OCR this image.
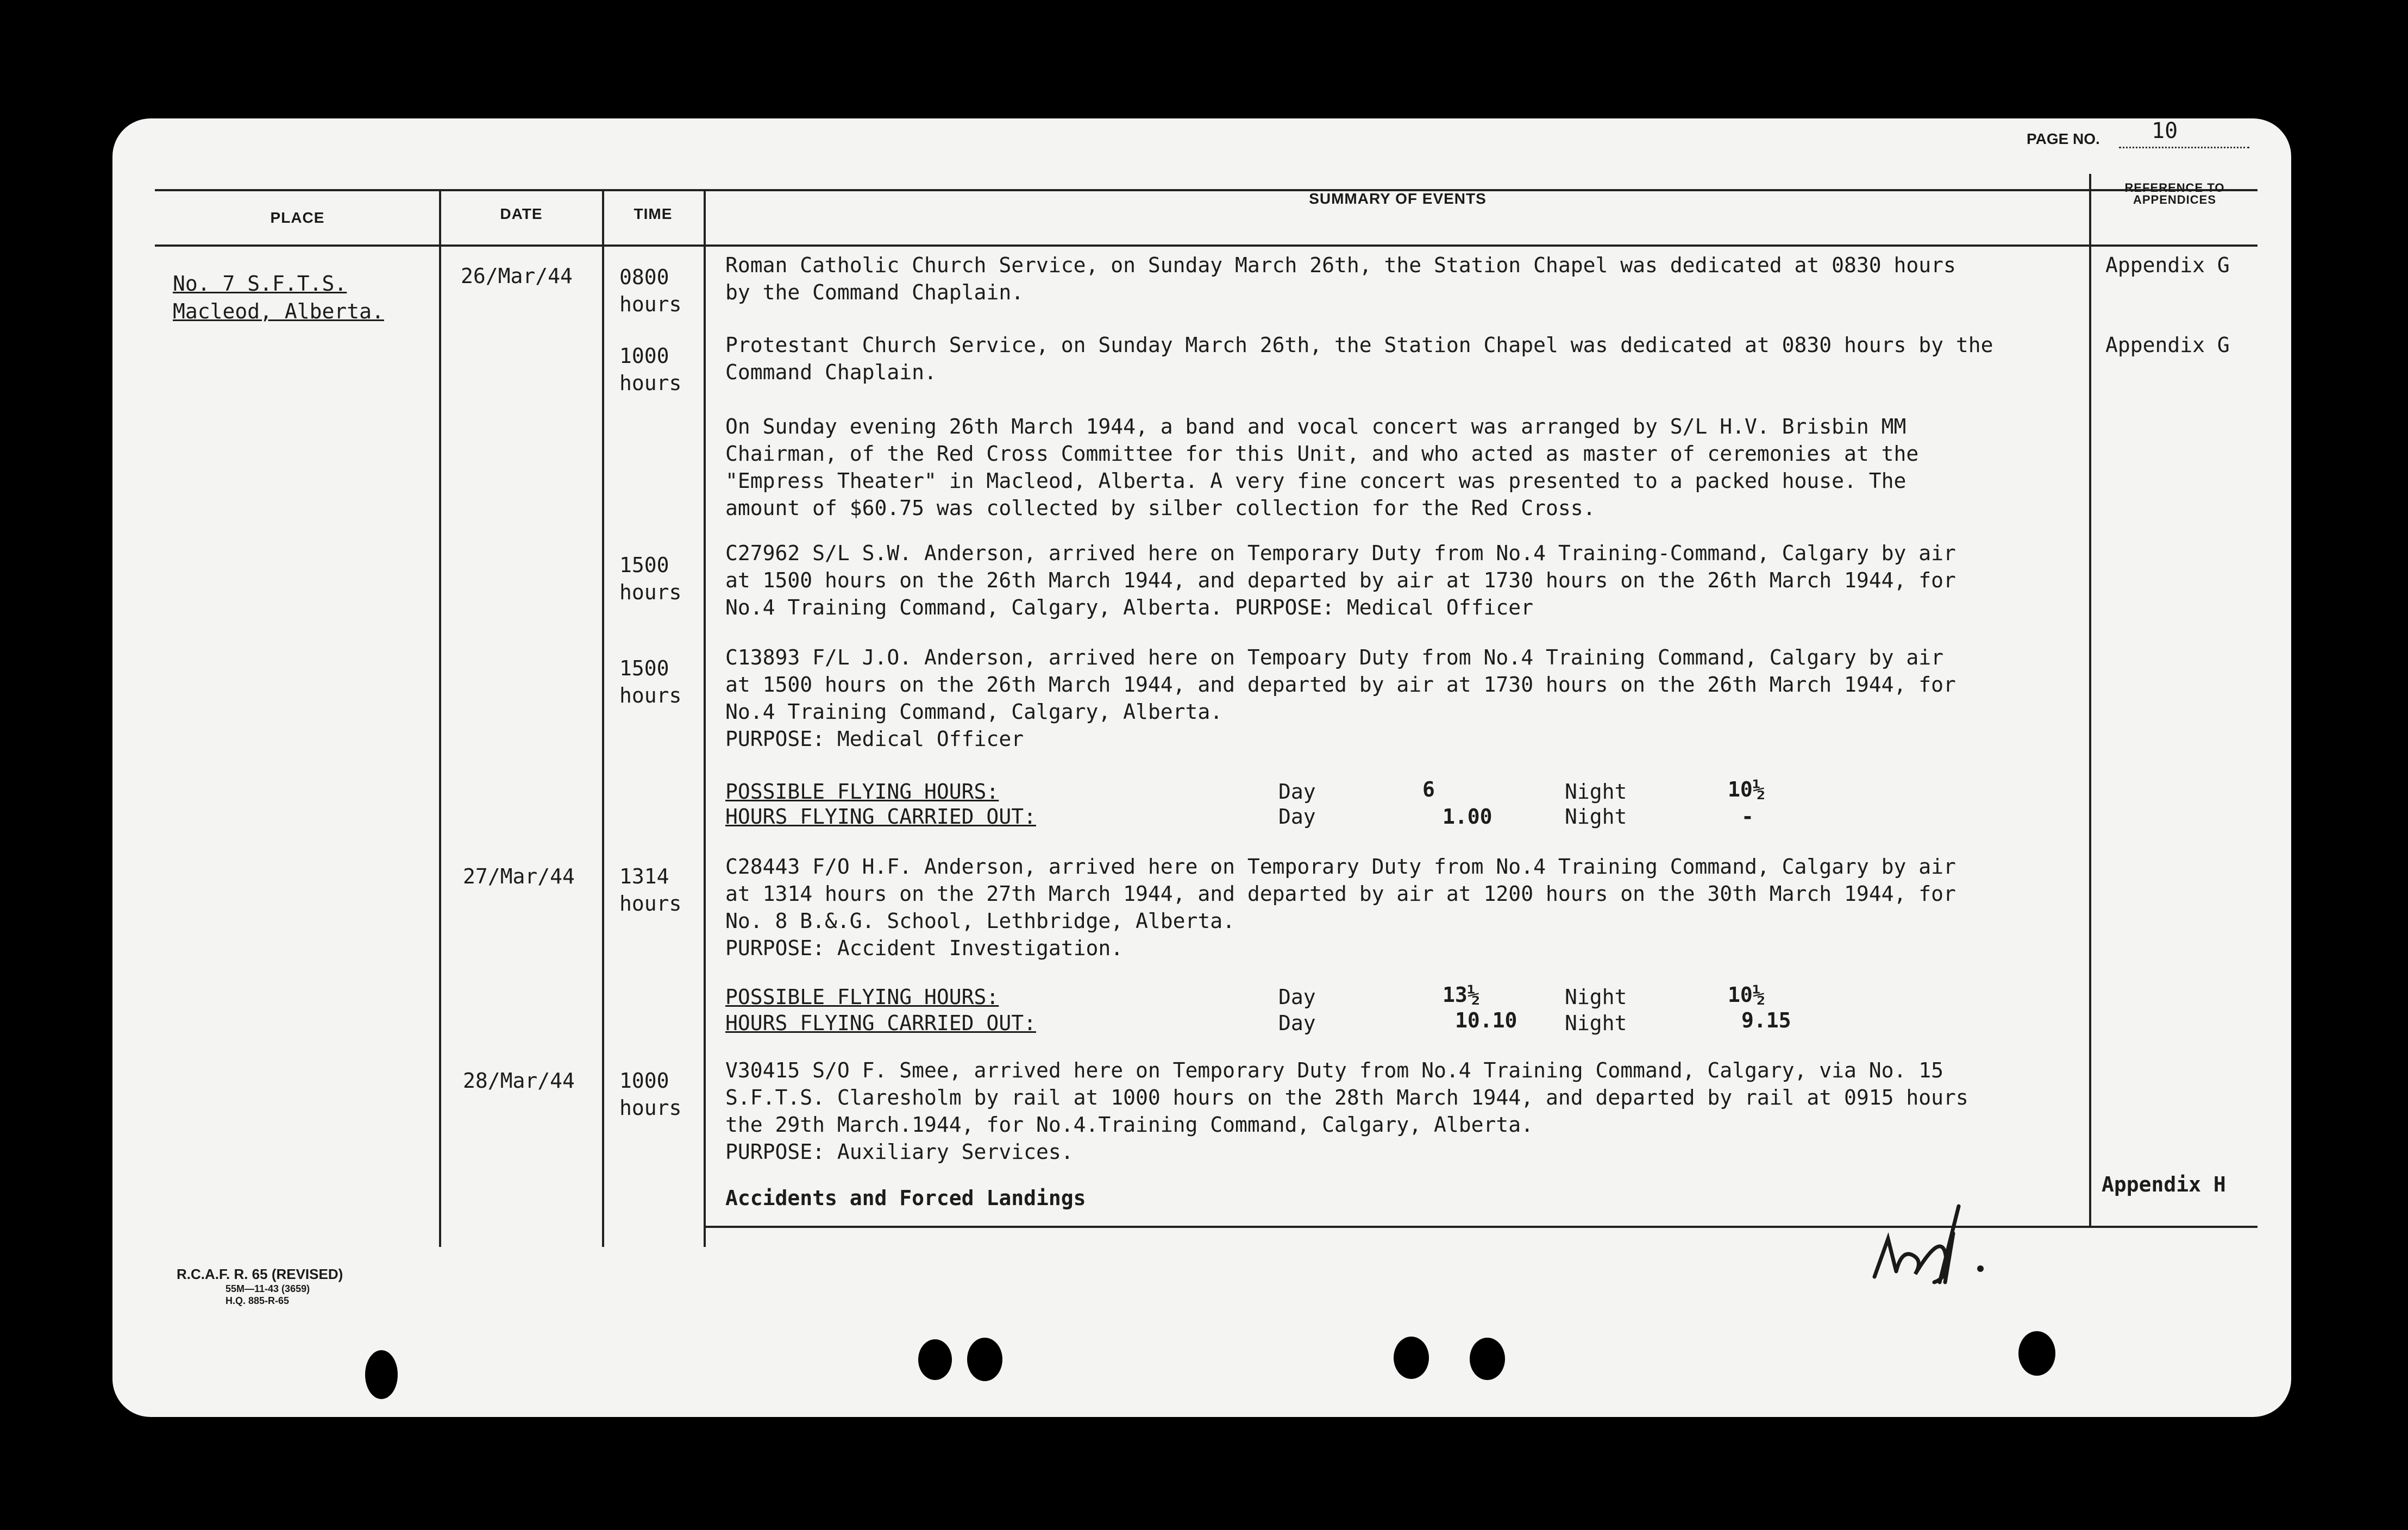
PAGE NO. 10
PLACE	DATE	TIME
SUMMARY OF EVENTS
REFERENCE TO
APPENDICES
No. 7 S.F.T.S.
Macleod, Alberta.
26/Mar/44
27/Mar/44
28/Mar/44
0800
hours
1000
hours
1500
hours
1500
hours
1314
hours
1000
hours
Roman Catholic Church Service, on Sunday March 26th, the Station Chapel was dedicated at 0830 hours
by the Command Chaplain.
Protestant Church Service, on Sunday March 26th, the Station Chapel was dedicated at 0830 hours by the
Command Chaplain.
On Sunday evening 26th March 1944, a band and vocal concert was arranged by S/L H.V. Brisbin MM
Chairman, of the Red Cross Committee for this Unit, and who acted as master of ceremonies at the
"Empress Theater" in Macleod, Alberta. A very fine concert was presented to a packed house. The
amount of $60.75 was collected by silber collection for the Red Cross.
C27962 S/L S.W. Anderson, arrived here on Temporary Duty from No.4 Training-Command, Calgary by air
at 1500 hours on the 26th March 1944, and departed by air at 1730 hours on the 26th March 1944, for
No.4 Training Command, Calgary, Alberta. PURPOSE: Medical Officer
C13893 F/L J.O. Anderson, arrived here on Tempoary Duty from No.4 Training Command, Calgary by air
at 1500 hours on the 26th March 1944, and departed by air at 1730 hours on the 26th March 1944, for
No.4 Training Command, Calgary, Alberta.
PURPOSE: Medical Officer
POSSIBLE FLYING HOURS:
HOURS FLYING CARRIED OUT:
Day
Day
6
1.00
Night
Night
10½
-
C28443 F/O H.F. Anderson, arrived here on Temporary Duty from No.4 Training Command, Calgary by air
at 1314 hours on the 27th March 1944, and departed by air at 1200 hours on the 30th March 1944, for
No. 8 B.&.G. School, Lethbridge, Alberta.
PURPOSE: Accident Investigation.
POSSIBLE FLYING HOURS:
HOURS FLYING CARRIED OUT:
Day
Day
13½
10.10
Night
Night
10½
9.15
V30415 S/O F. Smee, arrived here on Temporary Duty from No.4 Training Command, Calgary, via No. 15
S.F.T.S. Claresholm by rail at 1000 hours on the 28th March 1944, and departed by rail at 0915 hours
the 29th March.1944, for No.4.Training Command, Calgary, Alberta.
PURPOSE: Auxiliary Services.
Accidents and Forced Landings
Appendix G
Appendix G
Appendix H
R.C.A.F. R. 65 (REVISED)
55M—11-43 (3659)
H.Q. 885-R-65
